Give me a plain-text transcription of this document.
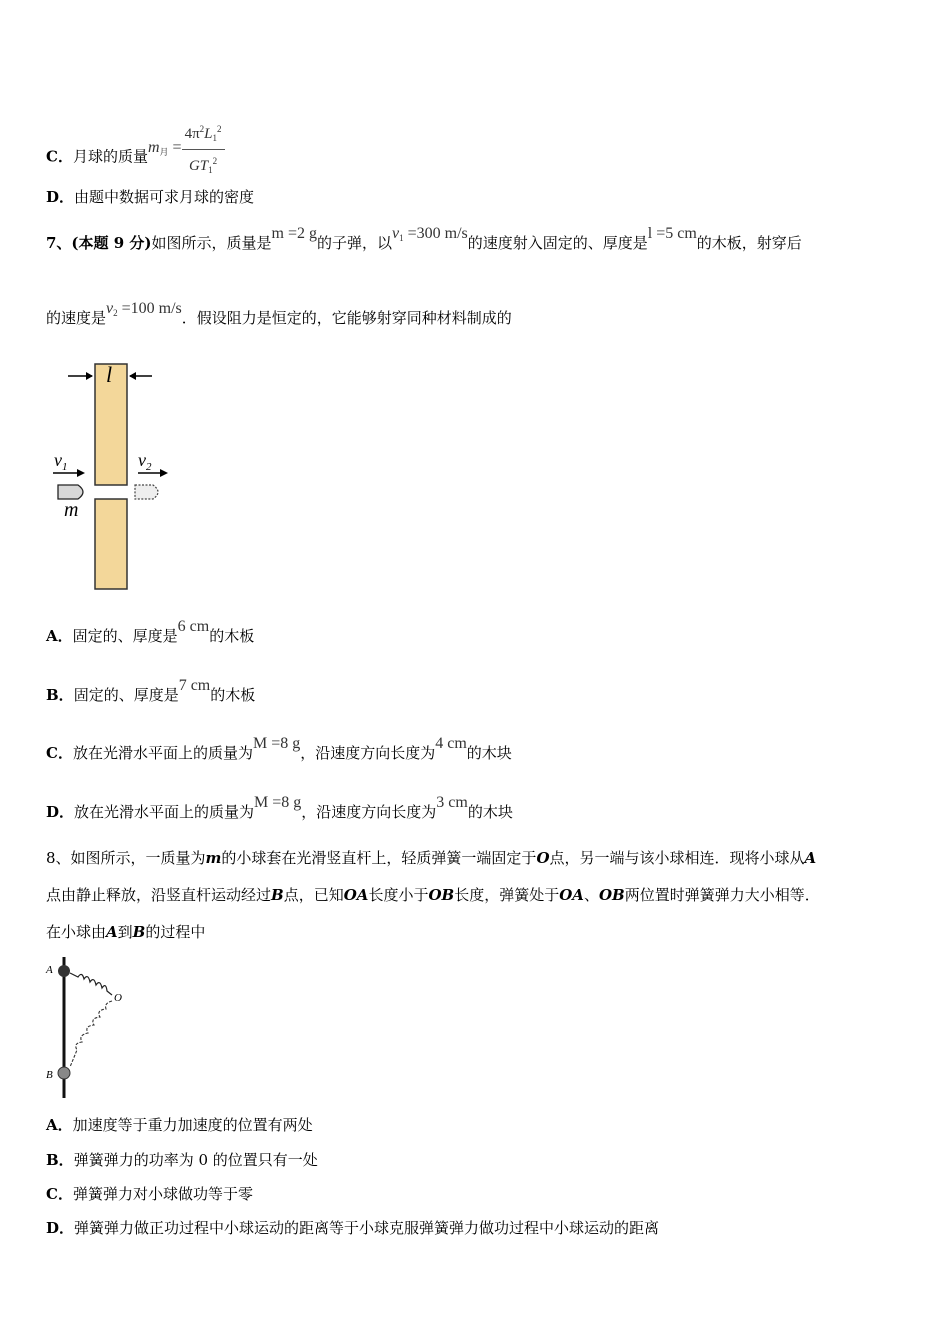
C．月球的质量$m_月 = \frac{4\pi^2L_1^2}{GT_1^2}$
D．由题中数据可求月球的密度
7、(本题 9 分)如图所示，质量是m =2 g的子弹，以$v_1 =300$ m/s的速度射入固定的、厚度是l =5 cm的木板，射穿后
的速度是$v_2 =100$ m/s．假设阻力是恒定的，它能够射穿同种材料制成的
l
$v_1$
m
$v_2$
A．固定的、厚度是6 cm的木板
B．固定的、厚度是7 cm的木板
C．放在光滑水平面上的质量为M =8 g，沿速度方向长度为4 cm的木块
D．放在光滑水平面上的质量为M =8 g，沿速度方向长度为3 cm的木块
8、如图所示，一质量为m的小球套在光滑竖直杆上，轻质弹簧一端固定于O点，另一端与该小球相连．现将小球从A
点由静止释放，沿竖直杆运动经过B点，已知OA长度小于OB长度，弹簧处于OA、OB两位置时弹簧弹力大小相等．
在小球由A到B的过程中
A
O
B
A．加速度等于重力加速度的位置有两处
B．弹簧弹力的功率为 0 的位置只有一处
C．弹簧弹力对小球做功等于零
D．弹簧弹力做正功过程中小球运动的距离等于小球克服弹簧弹力做功过程中小球运动的距离
